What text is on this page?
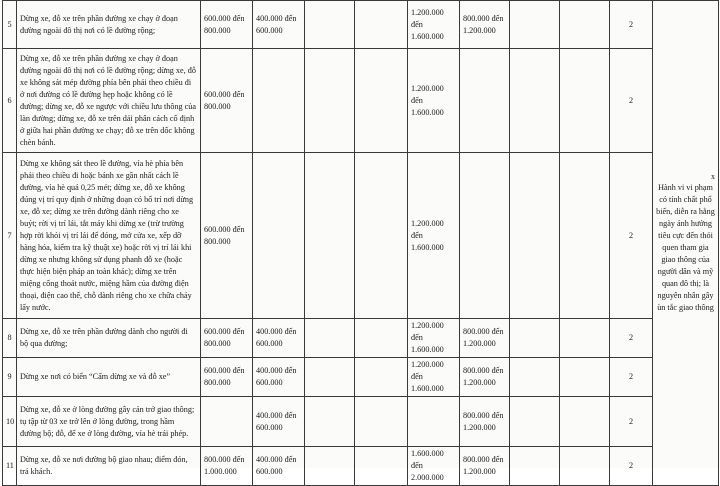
5	Dừng xe, đỗ xe trên phần đường xe chạy ở đoạn đường ngoài đô thị nơi có lề đường rộng;	600.000 đến
800.000	400.000 đến
600.000			1.200.000 đến
1.600.000	800.000 đến
1.200.000			2	x
Hành vi vi phạm có tính chất phổ biến, diễn ra hằng ngày ảnh hưởng tiêu cực đến thói quen tham gia giao thông của người dân và mỹ quan đô thị; là nguyên nhân gây ùn tắc giao thông
6	Dừng xe, đỗ xe trên phần đường xe chạy ở đoạn đường ngoài đô thị nơi có lề đường rộng; dừng xe, đỗ xe không sát mép đường phía bên phải theo chiều đi ở nơi đường có lề đường hẹp hoặc không có lề đường; dừng xe, đỗ xe ngược với chiều lưu thông của làn đường; dừng xe, đỗ xe trên dải phân cách cố định ở giữa hai phần đường xe chạy; đỗ xe trên dốc không chèn bánh.	600.000 đến
800.000				1.200.000 đến
1.600.000				2	
7	Dừng xe không sát theo lề đường, vỉa hè phía bên phải theo chiều đi hoặc bánh xe gần nhất cách lề đường, vỉa hè quá 0,25 mét; dừng xe, đỗ xe không đúng vị trí quy định ở những đoạn có bố trí nơi dừng xe, đỗ xe; dừng xe trên đường dành riêng cho xe buýt; rời vị trí lái, tắt máy khi dừng xe (trừ trường hợp rời khỏi vị trí lái để đóng, mở cửa xe, xếp dỡ hàng hóa, kiểm tra kỹ thuật xe) hoặc rời vị trí lái khi dừng xe nhưng không sử dụng phanh đỗ xe (hoặc thực hiện biện pháp an toàn khác); dừng xe trên miệng cống thoát nước, miệng hầm của đường điện thoại, điện cao thế, chỗ dành riêng cho xe chữa cháy lấy nước.	600.000 đến
800.000				1.200.000 đến
1.600.000				2	
8	Dừng xe, đỗ xe trên phần đường dành cho người đi bộ qua đường;	600.000 đến
800.000	400.000 đến
600.000			1.200.000 đến
1.600.000	800.000 đến
1.200.000			2	
9	Dừng xe nơi có biển “Cấm dừng xe và đỗ xe”	600.000 đến
800.000	400.000 đến
600.000			1.200.000 đến
1.600.000	800.000 đến
1.200.000			2	
10	Dừng xe, đỗ xe ở lòng đường gây cản trở giao thông; tụ tập từ 03 xe trở lên ở lòng đường, trong hầm đường bộ; đỗ, để xe ở lòng đường, vỉa hè trái phép.		400.000 đến
600.000				800.000 đến
1.200.000			2	
11	Dừng xe, đỗ xe nơi đường bộ giao nhau; điểm đón, trả khách.	800.000 đến
1.000.000	400.000 đến
600.000			1.600.000 đến
2.000.000	800.000 đến
1.200.000			2	
